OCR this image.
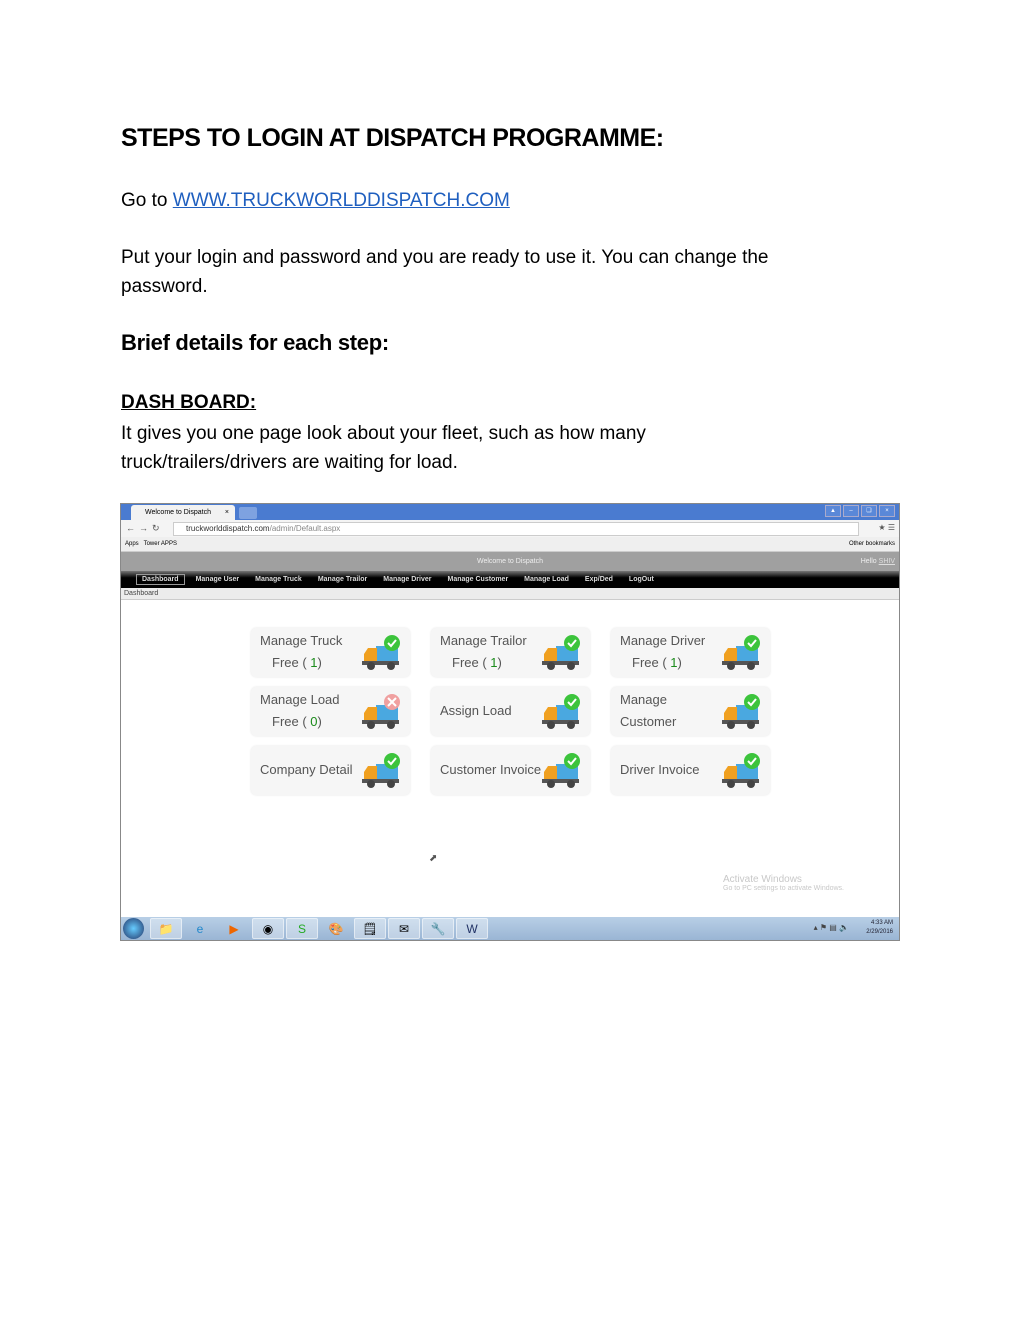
STEPS TO LOGIN AT DISPATCH PROGRAMME:
Go to WWW.TRUCKWORLDDISPATCH.COM
Put your login and password and you are ready to use it. You can change the
password.
Brief details for each step:
DASH BOARD:
It gives you one page look about your fleet, such as how many
truck/trailers/drivers are waiting for load.
Welcome to Dispatch ×	▲	–	❏	×
←→↻	truckworlddispatch.com/admin/Default.aspx	★ ☰
Apps Tower APPS	Other bookmarks
Welcome to Dispatch	Hello SHIV
Dashboard	Manage User	Manage Truck	Manage Trailor	Manage Driver	Manage Customer	Manage Load	Exp/Ded	LogOut
Dashboard
Manage Truck
Free ( 1)
Manage Trailor
Free ( 1)
Manage Driver
Free ( 1)
Manage Load
Free ( 0)
Assign Load
Manage
Customer
Company Detail	Customer Invoice	Driver Invoice
⬈
Activate Windows
Go to PC settings to activate Windows.
📁	e	▶	◉	S	🎨	🗒	✉	🔧	W	▴ ⚑ ▤ 🔈	4:33 AM
2/29/2016
